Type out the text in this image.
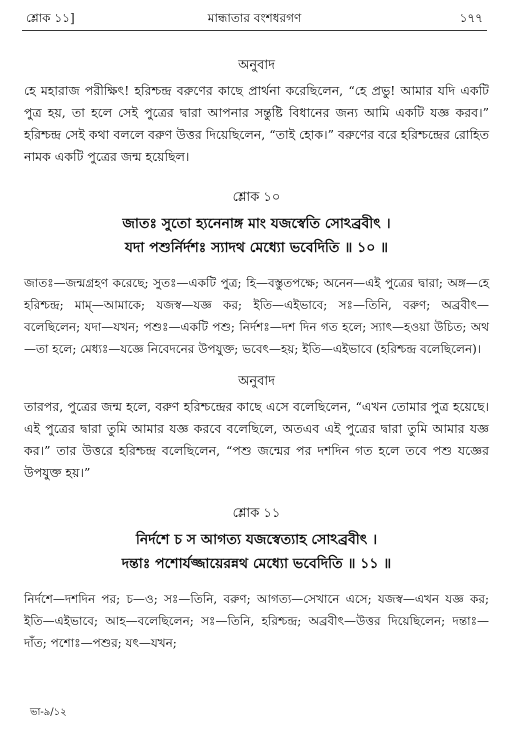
শ্লোক ১১]	মান্ধাতার বংশধরগণ	১৭৭
অনুবাদ

হে মহারাজ পরীক্ষিৎ! হরিশ্চন্দ্র বরুণের কাছে প্রার্থনা করেছিলেন, “হে প্রভু! আমার যদি একটি পুত্র হয়, তা হলে সেই পুত্রের দ্বারা আপনার সন্তুষ্টি বিধানের জন্য আমি একটি যজ্ঞ করব।” হরিশ্চন্দ্র সেই কথা বললে বরুণ উত্তর দিয়েছিলেন, “তাই হোক।” বরুণের বরে হরিশ্চন্দ্রের রোহিত নামক একটি পুত্রের জন্ম হয়েছিল।

শ্লোক ১০

জাতঃ সুতো হ্যনেনাঙ্গ মাং যজস্বেতি সোঽব্রবীৎ ।

যদা পশুর্নির্দশঃ স্যাদথ মেধ্যো ভবেদিতি ॥ ১০ ॥

জাতঃ—জন্মগ্রহণ করেছে; সুতঃ—একটি পুত্র; হি—বস্তুতপক্ষে; অনেন—এই পুত্রের দ্বারা; অঙ্গ—হে হরিশ্চন্দ্র; মাম্—আমাকে; যজস্ব—যজ্ঞ কর; ইতি—এইভাবে; সঃ—তিনি, বরুণ; অব্রবীৎ—বলেছিলেন; যদা—যখন; পশুঃ—একটি পশু; নির্দশঃ—দশ দিন গত হলে; স্যাৎ—হওয়া উচিত; অথ—তা হলে; মেধ্যঃ—যজ্ঞে নিবেদনের উপযুক্ত; ভবেৎ—হয়; ইতি—এইভাবে (হরিশ্চন্দ্র বলেছিলেন)।

অনুবাদ

তারপর, পুত্রের জন্ম হলে, বরুণ হরিশ্চন্দ্রের কাছে এসে বলেছিলেন, “এখন তোমার পুত্র হয়েছে। এই পুত্রের দ্বারা তুমি আমার যজ্ঞ করবে বলেছিলে, অতএব এই পুত্রের দ্বারা তুমি আমার যজ্ঞ কর।” তার উত্তরে হরিশ্চন্দ্র বলেছিলেন, “পশু জন্মের পর দশদিন গত হলে তবে পশু যজ্ঞের উপযুক্ত হয়।”

শ্লোক ১১

নির্দশে চ স আগত্য যজস্বেত্যাহ সোঽব্রবীৎ ।

দন্তাঃ পশোর্যজ্জায়েরন্নথ মেধ্যো ভবেদিতি ॥ ১১ ॥

নির্দশে—দশদিন পর; চ—ও; সঃ—তিনি, বরুণ; আগত্য—সেখানে এসে; যজস্ব—এখন যজ্ঞ কর; ইতি—এইভাবে; আহ—বলেছিলেন; সঃ—তিনি, হরিশ্চন্দ্র; অব্রবীৎ—উত্তর দিয়েছিলেন; দন্তাঃ—দাঁত; পশোঃ—পশুর; যৎ—যখন;

ভা-৯/১২
